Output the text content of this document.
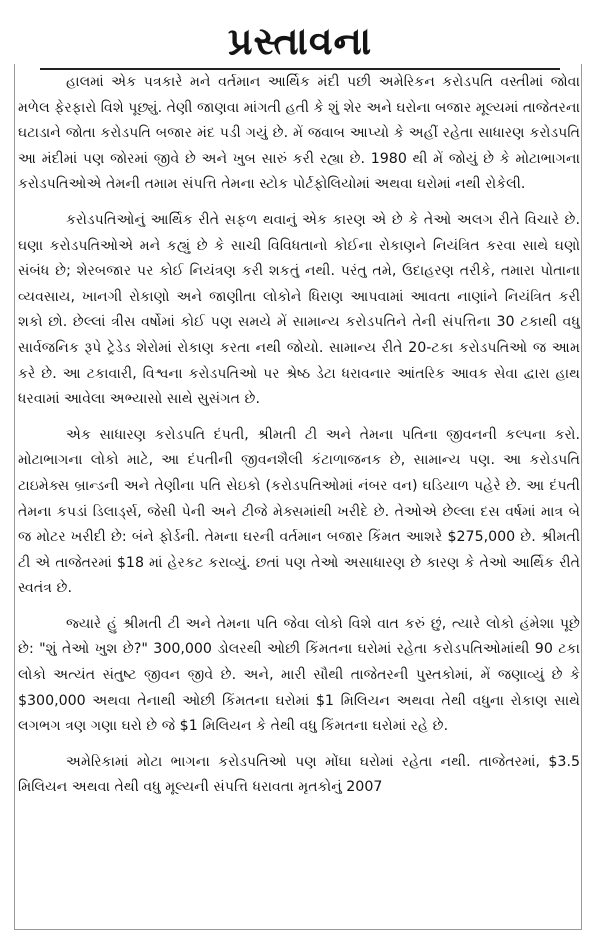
પ્રસ્તાવના

હાલમાં એક પત્રકારે મને વર્તમાન આર્થિક મંદી પછી અમેરિકન કરોડપતિ વસ્તીમાં જોવા મળેલ ફેરફારો વિશે પૂછ્યું. તેણી જાણવા માંગતી હતી કે શું શેર અને ઘરોના બજાર મૂલ્યમાં તાજેતરના ઘટાડાને જોતા કરોડપતિ બજાર મંદ પડી ગયું છે. મેં જવાબ આપ્યો કે અહીં રહેતા સાધારણ કરોડપતિ આ મંદીમાં પણ જોરમાં જીવે છે અને ખુબ સારું કરી રહ્યા છે. 1980 થી મેં જોયું છે કે મોટાભાગના કરોડપતિઓએ તેમની તમામ સંપત્તિ તેમના સ્ટોક પોર્ટફોલિયોમાં અથવા ઘરોમાં નથી રોકેલી.

કરોડપતિઓનું આર્થિક રીતે સફળ થવાનું એક કારણ એ છે કે તેઓ અલગ રીતે વિચારે છે. ઘણા કરોડપતિઓએ મને કહ્યું છે કે સાચી વિવિધતાનો કોઈના રોકાણને નિયંત્રિત કરવા સાથે ઘણો સંબંધ છે; શેરબજાર પર કોઈ નિયંત્રણ કરી શકતું નથી. પરંતુ તમે, ઉદાહરણ તરીકે, તમારા પોતાના વ્યવસાય, ખાનગી રોકાણો અને જાણીતા લોકોને ધિરાણ આપવામાં આવતા નાણાંને નિયંત્રિત કરી શકો છો. છેલ્લાં ત્રીસ વર્ષોમાં કોઈ પણ સમયે મેં સામાન્ય કરોડપતિને તેની સંપત્તિના 30 ટકાથી વધુ સાર્વજનિક રૂપે ટ્રેડેડ શેરોમાં રોકાણ કરતા નથી જોયો. સામાન્ય રીતે 20-ટકા કરોડપતિઓ જ આમ કરે છે. આ ટકાવારી, વિશ્વના કરોડપતિઓ પર શ્રેષ્ઠ ડેટા ધરાવનાર આંતરિક આવક સેવા દ્વારા હાથ ધરવામાં આવેલા અભ્યાસો સાથે સુસંગત છે.

એક સાધારણ કરોડપતિ દંપતી, શ્રીમતી ટી અને તેમના પતિના જીવનની કલ્પના કરો. મોટાભાગના લોકો માટે, આ દંપતીની જીવનશૈલી કંટાળાજનક છે, સામાન્ય પણ. આ કરોડપતિ ટાઇમેક્સ બ્રાન્ડની અને તેણીના પતિ સેઇકો (કરોડપતિઓમાં નંબર વન) ઘડિયાળ પહેરે છે. આ દંપતી તેમના કપડાં ડિલાર્ડ્સ, જેસી પેની અને ટીજે મેક્સમાંથી ખરીદે છે. તેઓએ છેલ્લા દસ વર્ષમાં માત્ર બે જ મોટર ખરીદી છે: બંને ફોર્ડની. તેમના ઘરની વર્તમાન બજાર કિંમત આશરે $275,000 છે. શ્રીમતી ટી એ તાજેતરમાં $18 માં હેરકટ કરાવ્યું. છતાં પણ તેઓ અસાધારણ છે કારણ કે તેઓ આર્થિક રીતે સ્વતંત્ર છે.

જ્યારે હું શ્રીમતી ટી અને તેમના પતિ જેવા લોકો વિશે વાત કરું છું, ત્યારે લોકો હંમેશા પૂછે છે: "શું તેઓ ખુશ છે?" 300,000 ડોલરથી ઓછી કિંમતના ઘરોમાં રહેતા કરોડપતિઓમાંથી 90 ટકા લોકો અત્યંત સંતુષ્ટ જીવન જીવે છે. અને, મારી સૌથી તાજેતરની પુસ્તકોમાં, મેં જણાવ્યું છે કે $300,000 અથવા તેનાથી ઓછી કિંમતના ઘરોમાં $1 મિલિયન અથવા તેથી વધુના રોકાણ સાથે લગભગ ત્રણ ગણા ઘરો છે જે $1 મિલિયન કે તેથી વધુ કિંમતના ઘરોમાં રહે છે.

અમેરિકામાં મોટા ભાગના કરોડપતિઓ પણ મોંઘા ઘરોમાં રહેતા નથી. તાજેતરમાં, $3.5 મિલિયન અથવા તેથી વધુ મૂલ્યની સંપત્તિ ધરાવતા મૃતકોનું 2007
